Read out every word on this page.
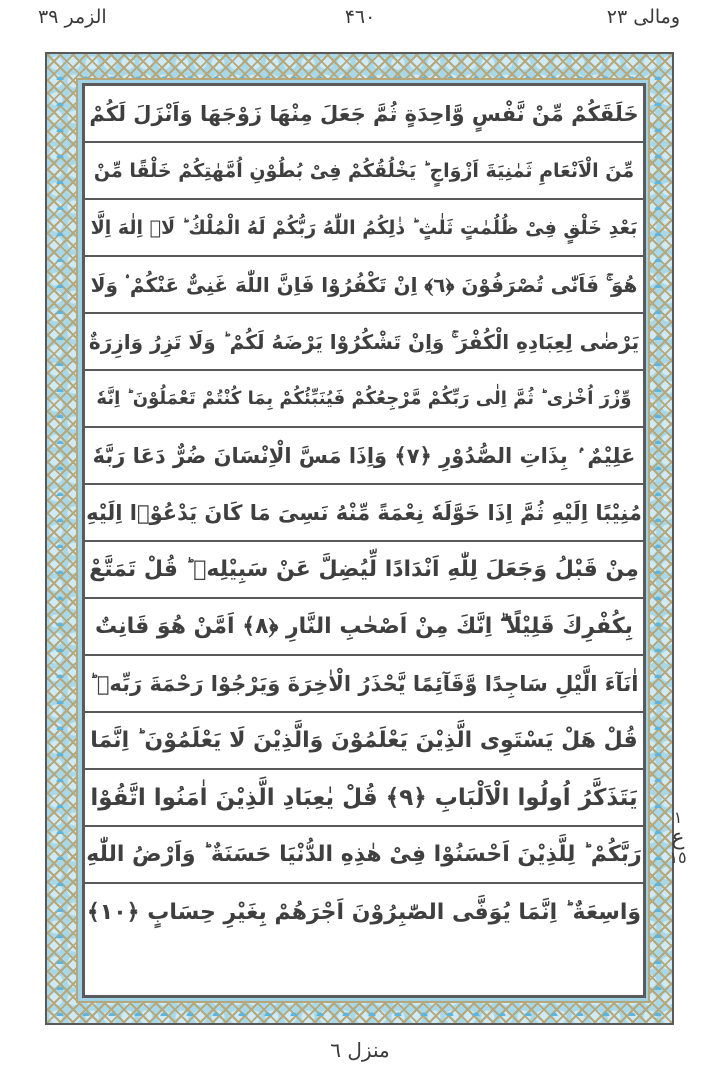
ومالى ٢٣
۴٦٠
الزمر ٣٩
خَلَقَكُمْ مِّنْ نَّفْسٍ وَّاحِدَةٍ ثُمَّ جَعَلَ مِنْهَا زَوْجَهَا وَاَنْزَلَ لَكُمْ
مِّنَ الْاَنْعَامِ ثَمٰنِيَةَ اَزْوَاجٍ ؕ يَخْلُقُكُمْ فِىْ بُطُوْنِ اُمَّهٰتِكُمْ خَلْقًا مِّنْ
بَعْدِ خَلْقٍ فِىْ ظُلُمٰتٍ ثَلٰثٍ ؕ ذٰلِكُمُ اللّٰهُ رَبُّكُمْ لَهُ الْمُلْكُ ؕ لَاۤ اِلٰهَ اِلَّا
هُوَ ۚ فَاَنّٰى تُصْرَفُوْنَ ﴿٦﴾ اِنْ تَكْفُرُوْا فَاِنَّ اللّٰهَ غَنِىٌّ عَنْكُمْ ۟ وَلَا
يَرْضٰى لِعِبَادِهِ الْكُفْرَ ۚ وَاِنْ تَشْكُرُوْا يَرْضَهُ لَكُمْ ؕ وَلَا تَزِرُ وَازِرَةٌ
وِّزْرَ اُخْرٰى ؕ ثُمَّ اِلٰى رَبِّكُمْ مَّرْجِعُكُمْ فَيُنَبِّئُكُمْ بِمَا كُنْتُمْ تَعْمَلُوْنَ ؕ اِنَّهٗ
عَلِيْمٌ ۢ بِذَاتِ الصُّدُوْرِ ﴿٧﴾ وَاِذَا مَسَّ الْاِنْسَانَ ضُرٌّ دَعَا رَبَّهٗ
مُنِيْبًا اِلَيْهِ ثُمَّ اِذَا خَوَّلَهٗ نِعْمَةً مِّنْهُ نَسِىَ مَا كَانَ يَدْعُوْۤا اِلَيْهِ
مِنْ قَبْلُ وَجَعَلَ لِلّٰهِ اَنْدَادًا لِّيُضِلَّ عَنْ سَبِيْلِهٖ ؕ قُلْ تَمَتَّعْ
بِكُفْرِكَ قَلِيْلًا ۖۗ اِنَّكَ مِنْ اَصْحٰبِ النَّارِ ﴿٨﴾ اَمَّنْ هُوَ قَانِتٌ
اٰنَآءَ الَّيْلِ سَاجِدًا وَّقَآئِمًا يَّحْذَرُ الْاٰخِرَةَ وَيَرْجُوْا رَحْمَةَ رَبِّهٖ ؕ
قُلْ هَلْ يَسْتَوِى الَّذِيْنَ يَعْلَمُوْنَ وَالَّذِيْنَ لَا يَعْلَمُوْنَ ؕ اِنَّمَا
يَتَذَكَّرُ اُولُوا الْاَلْبَابِ ﴿٩﴾ قُلْ يٰعِبَادِ الَّذِيْنَ اٰمَنُوا اتَّقُوْا
رَبَّكُمْ ؕ لِلَّذِيْنَ اَحْسَنُوْا فِىْ هٰذِهِ الدُّنْيَا حَسَنَةٌ ؕ وَاَرْضُ اللّٰهِ
وَاسِعَةٌ ؕ اِنَّمَا يُوَفَّى الصّٰبِرُوْنَ اَجْرَهُمْ بِغَيْرِ حِسَابٍ ﴿١٠﴾
١
ع
١٥
منزل ٦
